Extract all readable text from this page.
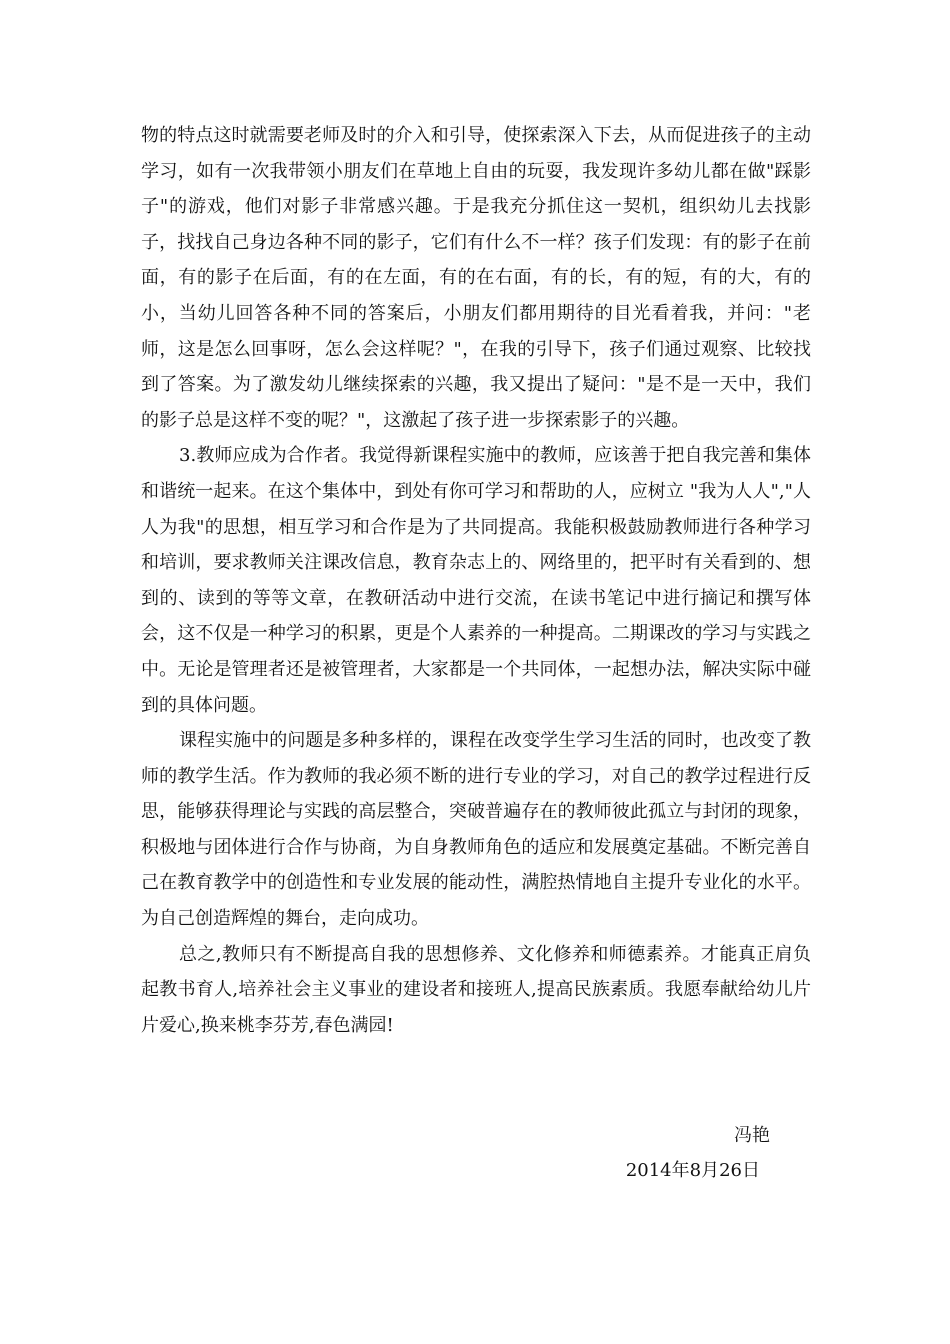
物的特点这时就需要老师及时的介入和引导，使探索深入下去，从而促进孩子的主动学习，如有一次我带领小朋友们在草地上自由的玩耍，我发现许多幼儿都在做"踩影子"的游戏，他们对影子非常感兴趣。于是我充分抓住这一契机，组织幼儿去找影子，找找自己身边各种不同的影子，它们有什么不一样？孩子们发现：有的影子在前面，有的影子在后面，有的在左面，有的在右面，有的长，有的短，有的大，有的小，当幼儿回答各种不同的答案后，小朋友们都用期待的目光看着我，并问："老师，这是怎么回事呀，怎么会这样呢？"，在我的引导下，孩子们通过观察、比较找到了答案。为了激发幼儿继续探索的兴趣，我又提出了疑问："是不是一天中，我们的影子总是这样不变的呢？"，这激起了孩子进一步探索影子的兴趣。

3.教师应成为合作者。我觉得新课程实施中的教师，应该善于把自我完善和集体和谐统一起来。在这个集体中，到处有你可学习和帮助的人，应树立 "我为人人","人人为我"的思想，相互学习和合作是为了共同提高。我能积极鼓励教师进行各种学习和培训，要求教师关注课改信息，教育杂志上的、网络里的，把平时有关看到的、想到的、读到的等等文章，在教研活动中进行交流，在读书笔记中进行摘记和撰写体会，这不仅是一种学习的积累，更是个人素养的一种提高。二期课改的学习与实践之中。无论是管理者还是被管理者，大家都是一个共同体，一起想办法，解决实际中碰到的具体问题。

课程实施中的问题是多种多样的，课程在改变学生学习生活的同时，也改变了教师的教学生活。作为教师的我必须不断的进行专业的学习，对自己的教学过程进行反思，能够获得理论与实践的高层整合，突破普遍存在的教师彼此孤立与封闭的现象，积极地与团体进行合作与协商，为自身教师角色的适应和发展奠定基础。不断完善自己在教育教学中的创造性和专业发展的能动性，满腔热情地自主提升专业化的水平。为自己创造辉煌的舞台，走向成功。

总之,教师只有不断提高自我的思想修养、文化修养和师德素养。才能真正肩负起教书育人,培养社会主义事业的建设者和接班人,提高民族素质。我愿奉献给幼儿片片爱心,换来桃李芬芳,春色满园!

冯艳
2014年8月26日
